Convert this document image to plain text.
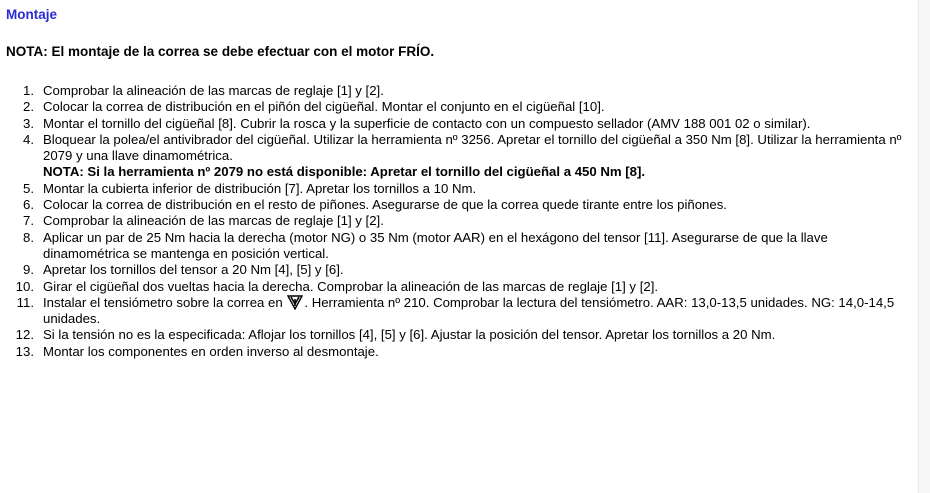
Montaje

NOTA: El montaje de la correa se debe efectuar con el motor FRÍO.

1. Comprobar la alineación de las marcas de reglaje [1] y [2].
2. Colocar la correa de distribución en el piñón del cigüeñal. Montar el conjunto en el cigüeñal [10].
3. Montar el tornillo del cigüeñal [8]. Cubrir la rosca y la superficie de contacto con un compuesto sellador (AMV 188 001 02 o similar).
4. Bloquear la polea/el antivibrador del cigüeñal. Utilizar la herramienta nº 3256. Apretar el tornillo del cigüeñal a 350 Nm [8]. Utilizar la herramienta nº 2079 y una llave dinamométrica.
NOTA: Si la herramienta nº 2079 no está disponible: Apretar el tornillo del cigüeñal a 450 Nm [8].
5. Montar la cubierta inferior de distribución [7]. Apretar los tornillos a 10 Nm.
6. Colocar la correa de distribución en el resto de piñones. Asegurarse de que la correa quede tirante entre los piñones.
7. Comprobar la alineación de las marcas de reglaje [1] y [2].
8. Aplicar un par de 25 Nm hacia la derecha (motor NG) o 35 Nm (motor AAR) en el hexágono del tensor [11]. Asegurarse de que la llave dinamométrica se mantenga en posición vertical.
9. Apretar los tornillos del tensor a 20 Nm [4], [5] y [6].
10. Girar el cigüeñal dos vueltas hacia la derecha. Comprobar la alineación de las marcas de reglaje [1] y [2].
11. Instalar el tensiómetro sobre la correa en . Herramienta nº 210. Comprobar la lectura del tensiómetro. AAR: 13,0-13,5 unidades. NG: 14,0-14,5 unidades.
12. Si la tensión no es la especificada: Aflojar los tornillos [4], [5] y [6]. Ajustar la posición del tensor. Apretar los tornillos a 20 Nm.
13. Montar los componentes en orden inverso al desmontaje.
